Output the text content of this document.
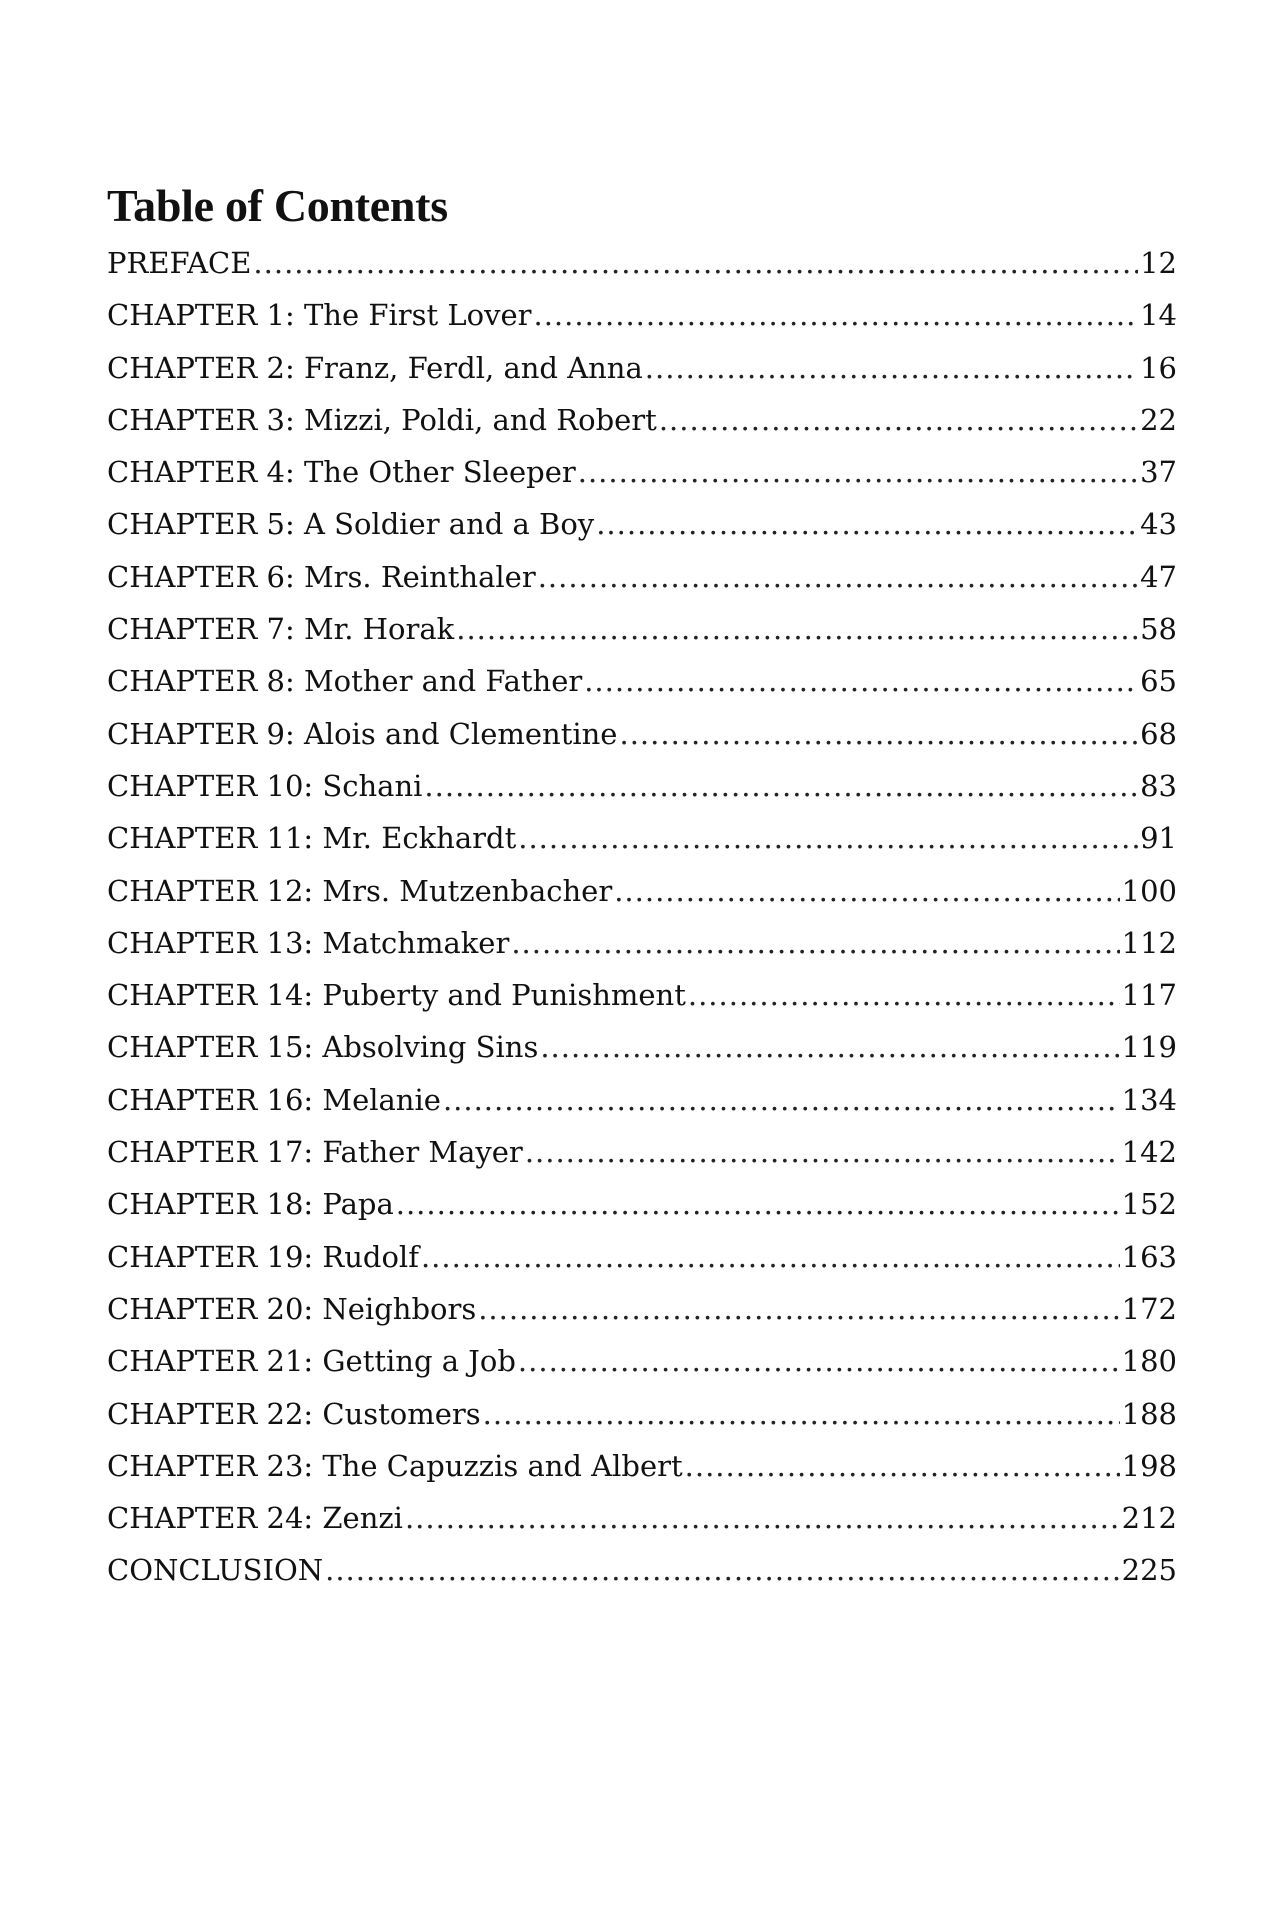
Table of Contents
PREFACE .....	12
CHAPTER 1: The First Lover .....	14
CHAPTER 2: Franz, Ferdl, and Anna .....	16
CHAPTER 3: Mizzi, Poldi, and Robert .....	22
CHAPTER 4: The Other Sleeper .....	37
CHAPTER 5: A Soldier and a Boy .....	43
CHAPTER 6: Mrs. Reinthaler .....	47
CHAPTER 7: Mr. Horak .....	58
CHAPTER 8: Mother and Father .....	65
CHAPTER 9: Alois and Clementine .....	68
CHAPTER 10: Schani .....	83
CHAPTER 11: Mr. Eckhardt .....	91
CHAPTER 12: Mrs. Mutzenbacher .....	100
CHAPTER 13: Matchmaker .....	112
CHAPTER 14: Puberty and Punishment .....	117
CHAPTER 15: Absolving Sins .....	119
CHAPTER 16: Melanie .....	134
CHAPTER 17: Father Mayer .....	142
CHAPTER 18: Papa .....	152
CHAPTER 19: Rudolf .....	163
CHAPTER 20: Neighbors .....	172
CHAPTER 21: Getting a Job .....	180
CHAPTER 22: Customers .....	188
CHAPTER 23: The Capuzzis and Albert .....	198
CHAPTER 24: Zenzi .....	212
CONCLUSION .....	225
